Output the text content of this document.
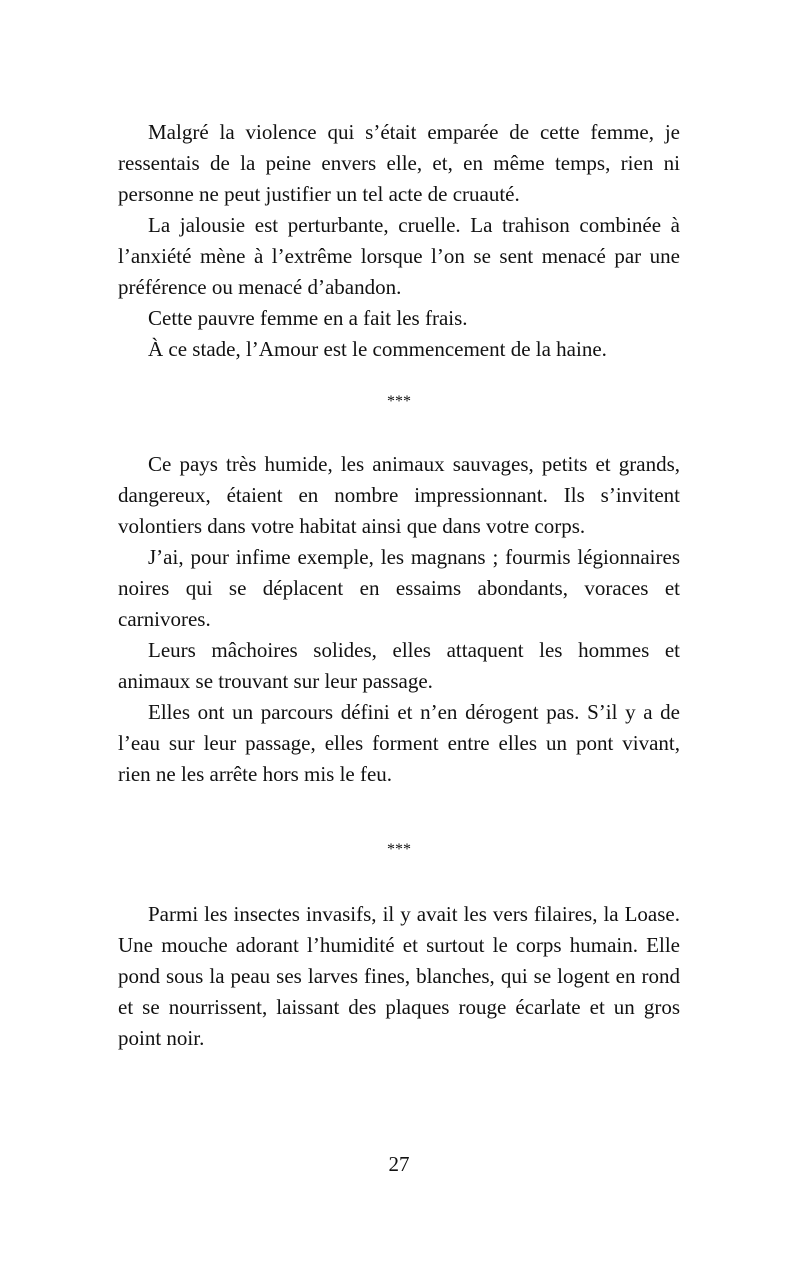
Malgré la violence qui s’était emparée de cette femme, je ressentais de la peine envers elle, et, en même temps, rien ni personne ne peut justifier un tel acte de cruauté.

La jalousie est perturbante, cruelle. La trahison combinée à l’anxiété mène à l’extrême lorsque l’on se sent menacé par une préférence ou menacé d’abandon.

Cette pauvre femme en a fait les frais.

À ce stade, l’Amour est le commencement de la haine.

***

Ce pays très humide, les animaux sauvages, petits et grands, dangereux, étaient en nombre impressionnant. Ils s’invitent volontiers dans votre habitat ainsi que dans votre corps.

J’ai, pour infime exemple, les magnans ; fourmis légionnaires noires qui se déplacent en essaims abondants, voraces et carnivores.

Leurs mâchoires solides, elles attaquent les hommes et animaux se trouvant sur leur passage.

Elles ont un parcours défini et n’en dérogent pas. S’il y a de l’eau sur leur passage, elles forment entre elles un pont vivant, rien ne les arrête hors mis le feu.

***

Parmi les insectes invasifs, il y avait les vers filaires, la Loase. Une mouche adorant l’humidité et surtout le corps humain. Elle pond sous la peau ses larves fines, blanches, qui se logent en rond et se nourrissent, laissant des plaques rouge écarlate et un gros point noir.

27
